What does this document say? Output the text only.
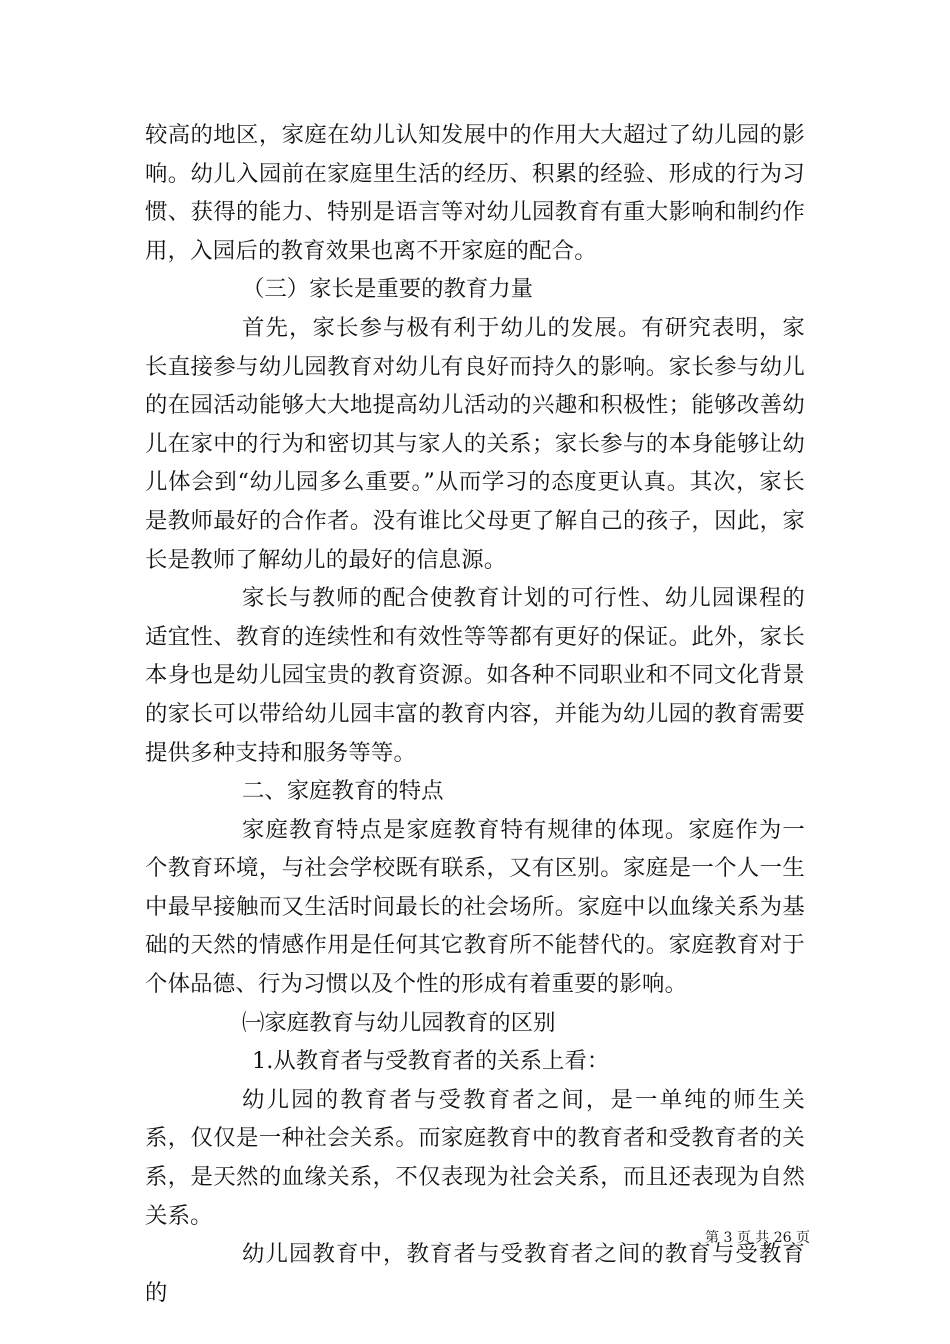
较高的地区，家庭在幼儿认知发展中的作用大大超过了幼儿园的影响。幼儿入园前在家庭里生活的经历、积累的经验、形成的行为习惯、获得的能力、特别是语言等对幼儿园教育有重大影响和制约作用，入园后的教育效果也离不开家庭的配合。

（三）家长是重要的教育力量

首先，家长参与极有利于幼儿的发展。有研究表明，家长直接参与幼儿园教育对幼儿有良好而持久的影响。家长参与幼儿的在园活动能够大大地提高幼儿活动的兴趣和积极性；能够改善幼儿在家中的行为和密切其与家人的关系；家长参与的本身能够让幼儿体会到“幼儿园多么重要。”从而学习的态度更认真。其次，家长是教师最好的合作者。没有谁比父母更了解自己的孩子，因此，家长是教师了解幼儿的最好的信息源。

家长与教师的配合使教育计划的可行性、幼儿园课程的适宜性、教育的连续性和有效性等等都有更好的保证。此外，家长本身也是幼儿园宝贵的教育资源。如各种不同职业和不同文化背景的家长可以带给幼儿园丰富的教育内容，并能为幼儿园的教育需要提供多种支持和服务等等。

二、家庭教育的特点

家庭教育特点是家庭教育特有规律的体现。家庭作为一个教育环境，与社会学校既有联系，又有区别。家庭是一个人一生中最早接触而又生活时间最长的社会场所。家庭中以血缘关系为基础的天然的情感作用是任何其它教育所不能替代的。家庭教育对于个体品德、行为习惯以及个性的形成有着重要的影响。

㈠家庭教育与幼儿园教育的区别

1.从教育者与受教育者的关系上看：

幼儿园的教育者与受教育者之间，是一单纯的师生关系，仅仅是一种社会关系。而家庭教育中的教育者和受教育者的关系，是天然的血缘关系，不仅表现为社会关系，而且还表现为自然关系。

幼儿园教育中，教育者与受教育者之间的教育与受教育的

第 3 页 共 26 页
